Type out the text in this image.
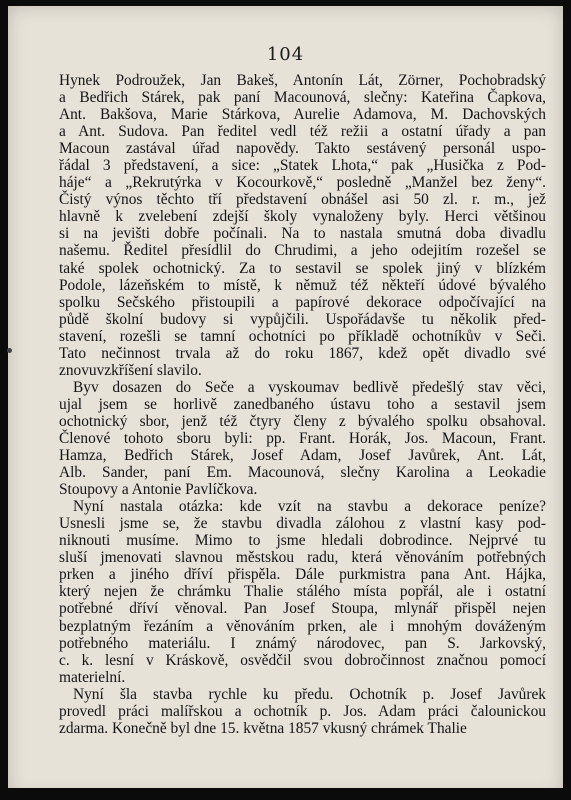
104
Hynek Podroužek, Jan Bakeš, Antonín Lát, Zörner, Pochobradský
a Bedřich Stárek, pak paní Macounová, slečny: Kateřina Čapkova,
Ant. Bakšova, Marie Stárkova, Aurelie Adamova, M. Dachovských
a Ant. Sudova. Pan ředitel vedl též režii a ostatní úřady a pan
Macoun zastával úřad napovědy. Takto sestávený personál uspo-
řádal 3 představení, a sice: „Statek Lhota,“ pak „Husička z Pod-
háje“ a „Rekrutýrka v Kocourkově,“ posledně „Manžel bez ženy“.
Čistý výnos těchto tří představení obnášel asi 50 zl. r. m., jež
hlavně k zvelebení zdejší školy vynaloženy byly. Herci většinou
si na jevišti dobře počínali. Na to nastala smutná doba divadlu
našemu. Ředitel přesídlil do Chrudimi, a jeho odejitím rozešel se
také spolek ochotnický. Za to sestavil se spolek jiný v blízkém
Podole, lázeňském to místě, k němuž též někteří údové bývalého
spolku Sečského přistoupili a papírové dekorace odpočívající na
půdě školní budovy si vypůjčili. Uspořádavše tu několik před-
stavení, rozešli se tamní ochotníci po příkladě ochotníkův v Seči.
Tato nečinnost trvala až do roku 1867, kdež opět divadlo své
znovuvzkříšení slavilo.
Byv dosazen do Seče a vyskoumav bedlivě předešlý stav věci,
ujal jsem se horlivě zanedbaného ústavu toho a sestavil jsem
ochotnický sbor, jenž též čtyry členy z bývalého spolku obsahoval.
Členové tohoto sboru byli: pp. Frant. Horák, Jos. Macoun, Frant.
Hamza, Bedřich Stárek, Josef Adam, Josef Javůrek, Ant. Lát,
Alb. Sander, paní Em. Macounová, slečny Karolina a Leokadie
Stoupovy a Antonie Pavlíčkova.
Nyní nastala otázka: kde vzít na stavbu a dekorace peníze?
Usnesli jsme se, že stavbu divadla zálohou z vlastní kasy pod-
niknouti musíme. Mimo to jsme hledali dobrodince. Nejprvé tu
sluší jmenovati slavnou městskou radu, která věnováním potřebných
prken a jiného dříví přispěla. Dále purkmistra pana Ant. Hájka,
který nejen že chrámku Thalie stálého místa popřál, ale i ostatní
potřebné dříví věnoval. Pan Josef Stoupa, mlynář přispěl nejen
bezplatným řezáním a věnováním prken, ale i mnohým dováženým
potřebného materiálu. I známý národovec, pan S. Jarkovský,
c. k. lesní v Kráskově, osvědčil svou dobročinnost značnou pomocí
materielní.
Nyní šla stavba rychle ku předu. Ochotník p. Josef Javůrek
provedl práci malířskou a ochotník p. Jos. Adam práci čalounickou
zdarma. Konečně byl dne 15. května 1857 vkusný chrámek Thalie
